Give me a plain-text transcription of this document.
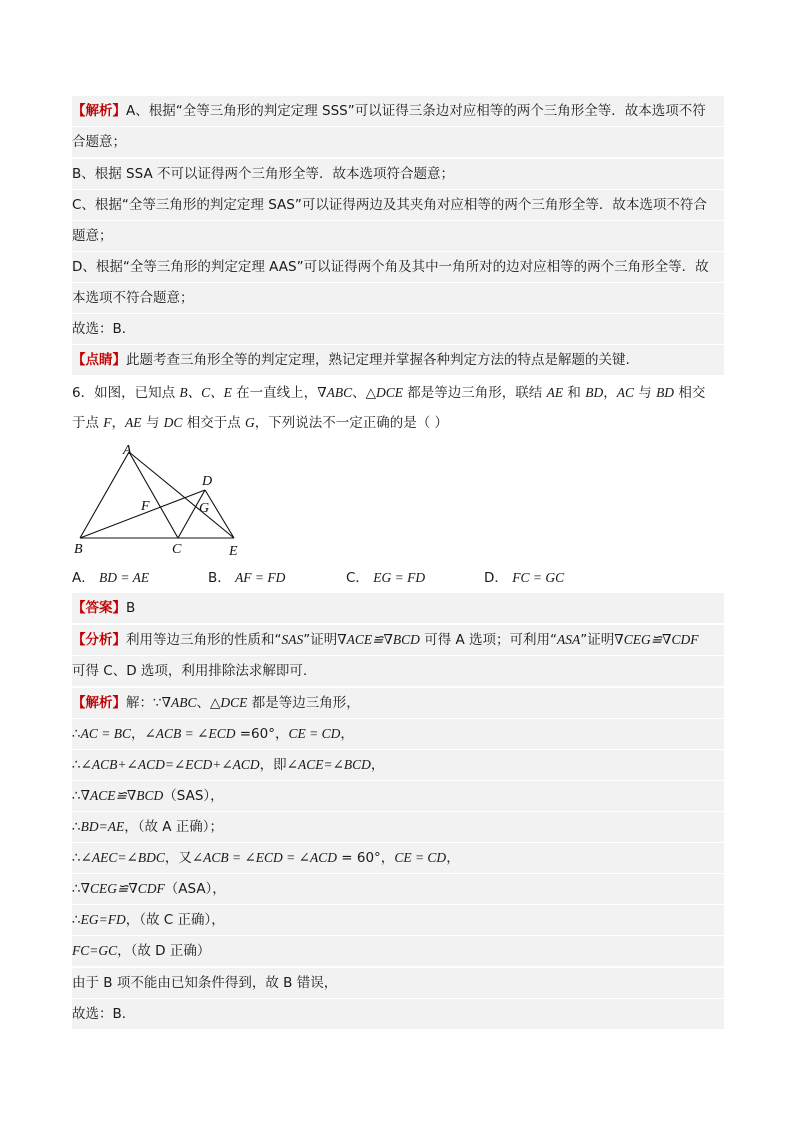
【解析】A、根据“全等三角形的判定定理 SSS”可以证得三条边对应相等的两个三角形全等．故本选项不符
合题意；
B、根据 SSA 不可以证得两个三角形全等．故本选项符合题意；
C、根据“全等三角形的判定定理 SAS”可以证得两边及其夹角对应相等的两个三角形全等．故本选项不符合
题意；
D、根据“全等三角形的判定定理 AAS”可以证得两个角及其中一角所对的边对应相等的两个三角形全等．故
本选项不符合题意；
故选：B．
【点睛】此题考查三角形全等的判定定理，熟记定理并掌握各种判定方法的特点是解题的关键.
6．如图，已知点 B、C、E 在一直线上，∇ABC、△DCE 都是等边三角形，联结 AE 和 BD，AC 与 BD 相交
于点 F，AE 与 DC 相交于点 G，下列说法不一定正确的是（ ）
A
B	C
D
E
F	G
A． BD = AE	B． AF = FD	C． EG = FD	D． FC = GC
【答案】B
【分析】利用等边三角形的性质和“SAS”证明∇ACE≌∇BCD 可得 A 选项；可利用“ASA”证明∇CEG≌∇CDF
可得 C、D 选项，利用排除法求解即可.
【解析】解：∵∇ABC、△DCE 都是等边三角形，
∴AC = BC，∠ACB = ∠ECD =60°，CE = CD，
∴∠ACB+∠ACD=∠ECD+∠ACD，即∠ACE=∠BCD，
∴∇ACE≌∇BCD（SAS），
∴BD=AE，（故 A 正确）；
∴∠AEC=∠BDC，又∠ACB = ∠ECD = ∠ACD = 60°，CE = CD，
∴∇CEG≌∇CDF（ASA），
∴EG=FD，（故 C 正确），
FC=GC，（故 D 正确）
由于 B 项不能由已知条件得到，故 B 错误，
故选：B．
